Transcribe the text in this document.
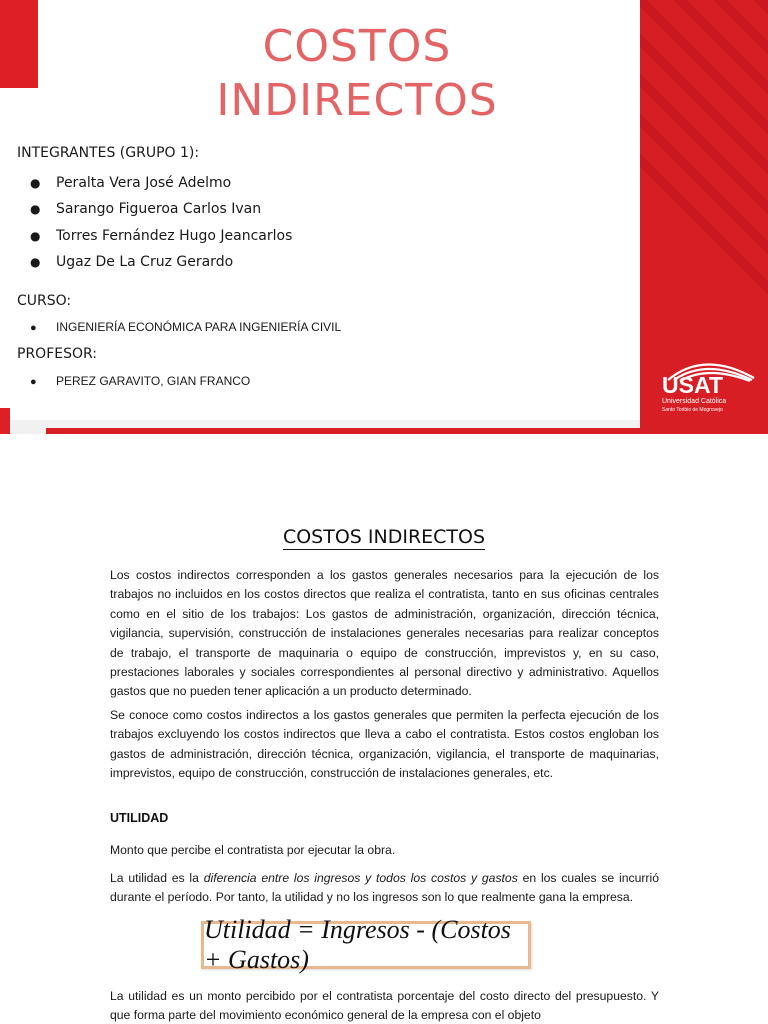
COSTOS
INDIRECTOS
INTEGRANTES (GRUPO 1):
● Peralta Vera José Adelmo
● Sarango Figueroa Carlos Ivan
● Torres Fernández Hugo Jeancarlos
● Ugaz De La Cruz Gerardo
CURSO:
● INGENIERÍA ECONÓMICA PARA INGENIERÍA CIVIL
PROFESOR:
● PEREZ GARAVITO, GIAN FRANCO	USAT
Universidad Católica
Santo Toribio de Mogrovejo
COSTOS INDIRECTOS
Los costos indirectos corresponden a los gastos generales necesarios para la ejecución de los trabajos no incluidos en los costos directos que realiza el contratista, tanto en sus oficinas centrales como en el sitio de los trabajos: Los gastos de administración, organización, dirección técnica, vigilancia, supervisión, construcción de instalaciones generales necesarias para realizar conceptos de trabajo, el transporte de maquinaria o equipo de construcción, imprevistos y, en su caso, prestaciones laborales y sociales correspondientes al personal directivo y administrativo. Aquellos gastos que no pueden tener aplicación a un producto determinado.
Se conoce como costos indirectos a los gastos generales que permiten la perfecta ejecución de los trabajos excluyendo los costos indirectos que lleva a cabo el contratista. Estos costos engloban los gastos de administración, dirección técnica, organización, vigilancia, el transporte de maquinarias, imprevistos, equipo de construcción, construcción de instalaciones generales, etc.
UTILIDAD
Monto que percibe el contratista por ejecutar la obra.
La utilidad es la diferencia entre los ingresos y todos los costos y gastos en los cuales se incurrió durante el período. Por tanto, la utilidad y no los ingresos son lo que realmente gana la empresa.
Utilidad = Ingresos - (Costos + Gastos)
La utilidad es un monto percibido por el contratista porcentaje del costo directo del presupuesto. Y que forma parte del movimiento económico general de la empresa con el objeto
